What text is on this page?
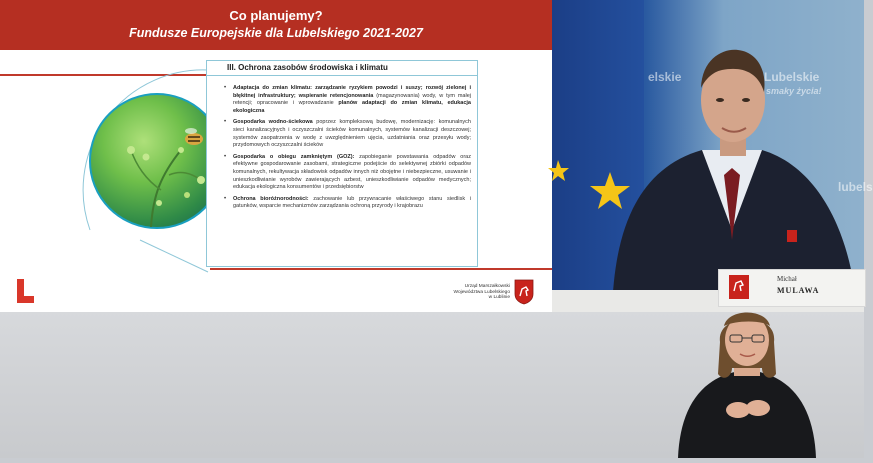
Co planujemy?
Fundusze Europejskie dla Lubelskiego 2021-2027
III. Ochrona zasobów środowiska i klimatu
• Adaptacja do zmian klimatu: zarządzanie ryzykiem powodzi i suszy; rozwój zielonej i błękitnej infrastruktury; wspieranie retencjonowania (magazynowania) wody, w tym małej retencji; opracowanie i wprowadzanie planów adaptacji do zmian klimatu, edukacja ekologiczna
• Gospodarka wodno-ściekowa poprzez kompleksową budowę, modernizację: komunalnych sieci kanalizacyjnych i oczyszczalni ścieków komunalnych, systemów kanalizacji deszczowej; systemów zaopatrzenia w wodę z uwzględnieniem ujęcia, uzdatniania oraz przesyłu wody; przydomowych oczyszczalni ścieków
• Gospodarka o obiegu zamkniętym (GOZ): zapobieganie powstawania odpadów oraz efektywne gospodarowanie zasobami, strategiczne podejście do selektywnej zbiórki odpadów komunalnych, rekultywacja składowisk odpadów innych niż obojętne i niebezpieczne, usuwanie i unieszkodliwianie wyrobów zawierających azbest, unieszkodliwianie odpadów medycznych; edukacja ekologiczna konsumentów i przedsiębiorstw
• Ochrona bioróżnorodności: zachowanie lub przywracanie właściwego stanu siedlisk i gatunków, wsparcie mechanizmów zarządzania ochroną przyrody i krajobrazu
Urząd Marszałkowski
Województwa Lubelskiego
w Lublinie
elskie	Lubelskie
smaky życia!
lubels
Michał
MULAWA
